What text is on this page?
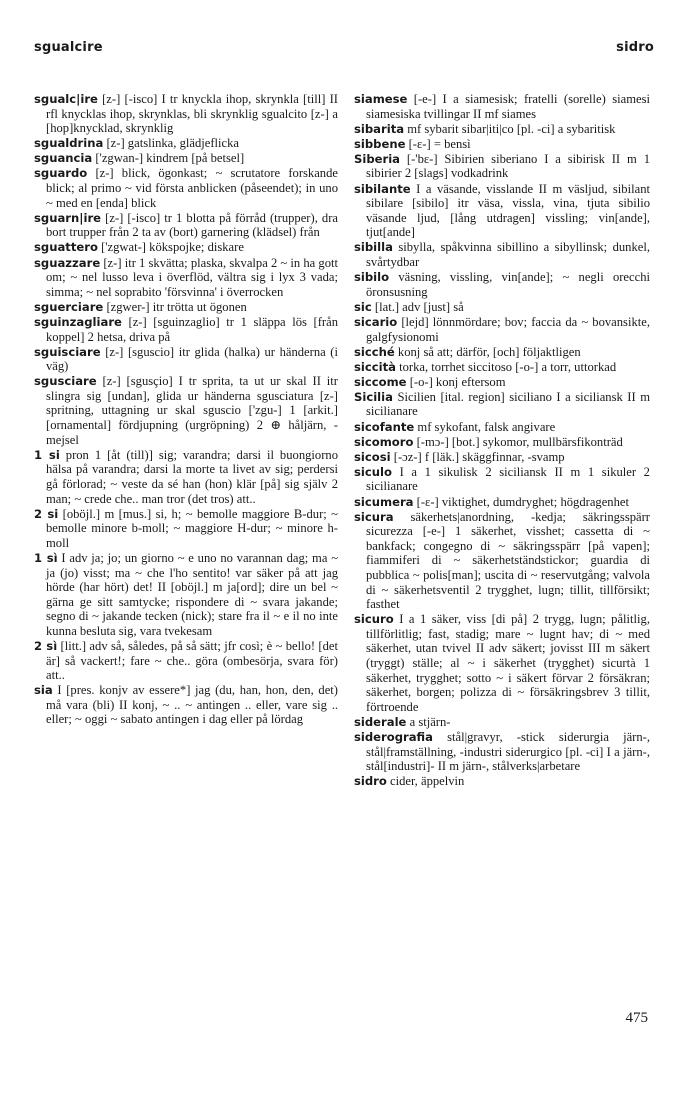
sgualcire	sidro
sgualc|ire [z-] [-isco] I tr knyckla ihop, skrynkla [till] II rfl knycklas ihop, skrynklas, bli skrynklig sgualcito [z-] a [hop]knycklad, skrynklig
sgualdrina [z-] gatslinka, glädjeflicka
sguancia ['zgwan-] kindrem [på betsel]
sguardo [z-] blick, ögonkast; ~ scrutatore forskande blick; al primo ~ vid första anblicken (påseendet); in uno ~ med en [enda] blick
sguarn|ire [z-] [-isco] tr 1 blotta på förråd (trupper), dra bort trupper från 2 ta av (bort) garnering (klädsel) från
sguattero ['zgwat-] kökspojke; diskare
sguazzare [z-] itr 1 skvätta; plaska, skvalpa 2 ~ in ha gott om; ~ nel lusso leva i överflöd, vältra sig i lyx 3 vada; simma; ~ nel soprabito 'försvinna' i överrocken
sguerciare [zgwer-] itr trötta ut ögonen
sguinzagliare [z-] [sguinzaglio] tr 1 släppa lös [från koppel] 2 hetsa, driva på
sguisciare [z-] [sguscio] itr glida (halka) ur händerna (i väg)
sgusciare [z-] [sgusçio] I tr sprita, ta ut ur skal II itr slingra sig [undan], glida ur händerna sgusciatura [z-] spritning, uttagning ur skal sguscio ['zgu-] 1 [arkit.] [ornamental] fördjupning (urgröpning) 2 ⊕ håljärn, -mejsel
1 si pron 1 [åt (till)] sig; varandra; darsi il buongiorno hälsa på varandra; darsi la morte ta livet av sig; perdersi gå förlorad; ~ veste da sé han (hon) klär [på] sig själv 2 man; ~ crede che.. man tror (det tros) att..
2 si [oböjl.] m [mus.] si, h; ~ bemolle maggiore B-dur; ~ bemolle minore b-moll; ~ maggiore H-dur; ~ minore h-moll
1 sì I adv ja; jo; un giorno ~ e uno no varannan dag; ma ~ ja (jo) visst; ma ~ che l'ho sentito! var säker på att jag hörde (har hört) det! II [oböjl.] m ja[ord]; dire un bel ~ gärna ge sitt samtycke; rispondere di ~ svara jakande; segno di ~ jakande tecken (nick); stare fra il ~ e il no inte kunna besluta sig, vara tvekesam
2 sì [litt.] adv så, således, på så sätt; jfr così; è ~ bello! [det är] så vackert!; fare ~ che.. göra (ombesörja, svara för) att..
sia I [pres. konjv av essere*] jag (du, han, hon, den, det) må vara (bli) II konj, ~ .. ~ antingen .. eller, vare sig .. eller; ~ oggi ~ sabato antingen i dag eller på lördag
siamese [-e-] I a siamesisk; fratelli (sorelle) siamesi siamesiska tvillingar II mf siames
sibarita mf sybarit sibar|iti|co [pl. -ci] a sybaritisk
sibbene [-ε-] = bensì
Siberia [-'bε-] Sibirien siberiano I a sibirisk II m 1 sibirier 2 [slags] vodkadrink
sibilante I a väsande, visslande II m väsljud, sibilant sibilare [sibilo] itr väsa, vissla, vina, tjuta sibilio väsande ljud, [lång utdragen] vissling; vin[ande], tjut[ande]
sibilla sibylla, spåkvinna sibillino a sibyllinsk; dunkel, svårtydbar
sibilo väsning, vissling, vin[ande]; ~ negli orecchi öronsusning
sic [lat.] adv [just] så
sicario [lejd] lönnmördare; bov; faccia da ~ bovansikte, galgfysionomi
sicché konj så att; därför, [och] följaktligen
siccità torka, torrhet siccitoso [-o-] a torr, uttorkad
siccome [-o-] konj eftersom
Sicilia Sicilien [ital. region] siciliano I a siciliansk II m sicilianare
sicofante mf sykofant, falsk angivare
sicomoro [-mɔ-] [bot.] sykomor, mullbärsfikonträd
sicosi [-ɔz-] f [läk.] skäggfinnar, -svamp
siculo I a 1 sikulisk 2 siciliansk II m 1 sikuler 2 sicilianare
sicumera [-ε-] viktighet, dumdryghet; högdragenhet
sicura säkerhets|anordning, -kedja; säkringsspärr sicurezza [-e-] 1 säkerhet, visshet; cassetta di ~ bankfack; congegno di ~ säkringsspärr [på vapen]; fiammiferi di ~ säkerhetständstickor; guardia di pubblica ~ polis[man]; uscita di ~ reservutgång; valvola di ~ säkerhetsventil 2 trygghet, lugn; tillit, tillförsikt; fasthet
sicuro I a 1 säker, viss [di på] 2 trygg, lugn; pålitlig, tillförlitlig; fast, stadig; mare ~ lugnt hav; di ~ med säkerhet, utan tvivel II adv säkert; jovisst III m säkert (tryggt) ställe; al ~ i säkerhet (trygghet) sicurtà 1 säkerhet, trygghet; sotto ~ i säkert förvar 2 försäkran; säkerhet, borgen; polizza di ~ försäkringsbrev 3 tillit, förtroende
siderale a stjärn-
siderografia stål|gravyr, -stick siderurgia järn-, stål|framställning, -industri siderurgico [pl. -ci] I a järn-, stål[industri]- II m järn-, stålverks|arbetare
sidro cider, äppelvin
475
